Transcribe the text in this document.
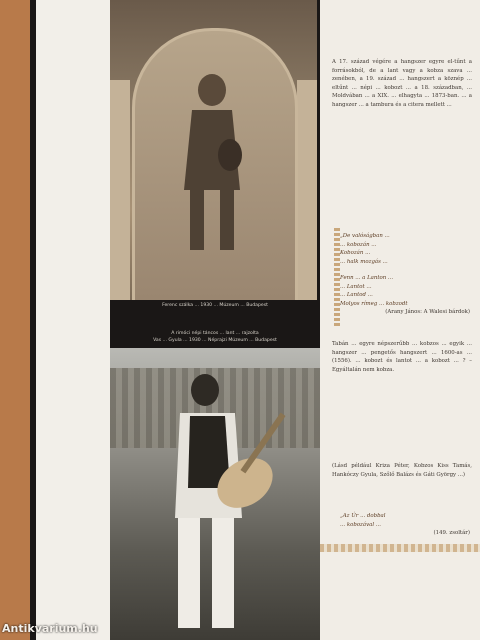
Ferenc szálka ... 1930 ... Múzeum ... Budapest
A rimóci népi táncos ... lant ... rajzolta
Vas ... Gyula ... 1930 ... Néprajzi Múzeum ... Budapest

A 17. század végére a hangszer egyre el-tűnt a forrásokból, de a lant vagy a kobza szava ... zenében, a 19. század ... hangszert a köznép ... eltűnt ... népi ... kobozt ... a 18. században, ... Moldvában ... a XIX. ... elhagyta ... 1873-ban. ... a hangszer ... a tambura és a citera mellett ...

„De valóságban ...
... kobozán ...
Kobozán ...
... halk mozgás ...
Fenn ... a Lanton ...
... Lantot ...
... Lantod ...
Molyos rímeg ... kobzodt
(Arany János: A Walesi bárdok)

Tabán ... egyre népszerűbb ... kobzos ... egyik ... hangszer ... pengetős hangszert ... 1600-as ... (1556). ... kobozt és lantot ... a kobozt ... ? – Egyáltalán nem kobza.

(Lásd például Kriza Péter, Kobzos Kiss Tamás, Hankóczy Gyula, Szőlő Balázs és Gáti György ...)

„Az Úr ... dobbal
... kobozával ...
(149. zsoltár)
Antikvarium.hu
